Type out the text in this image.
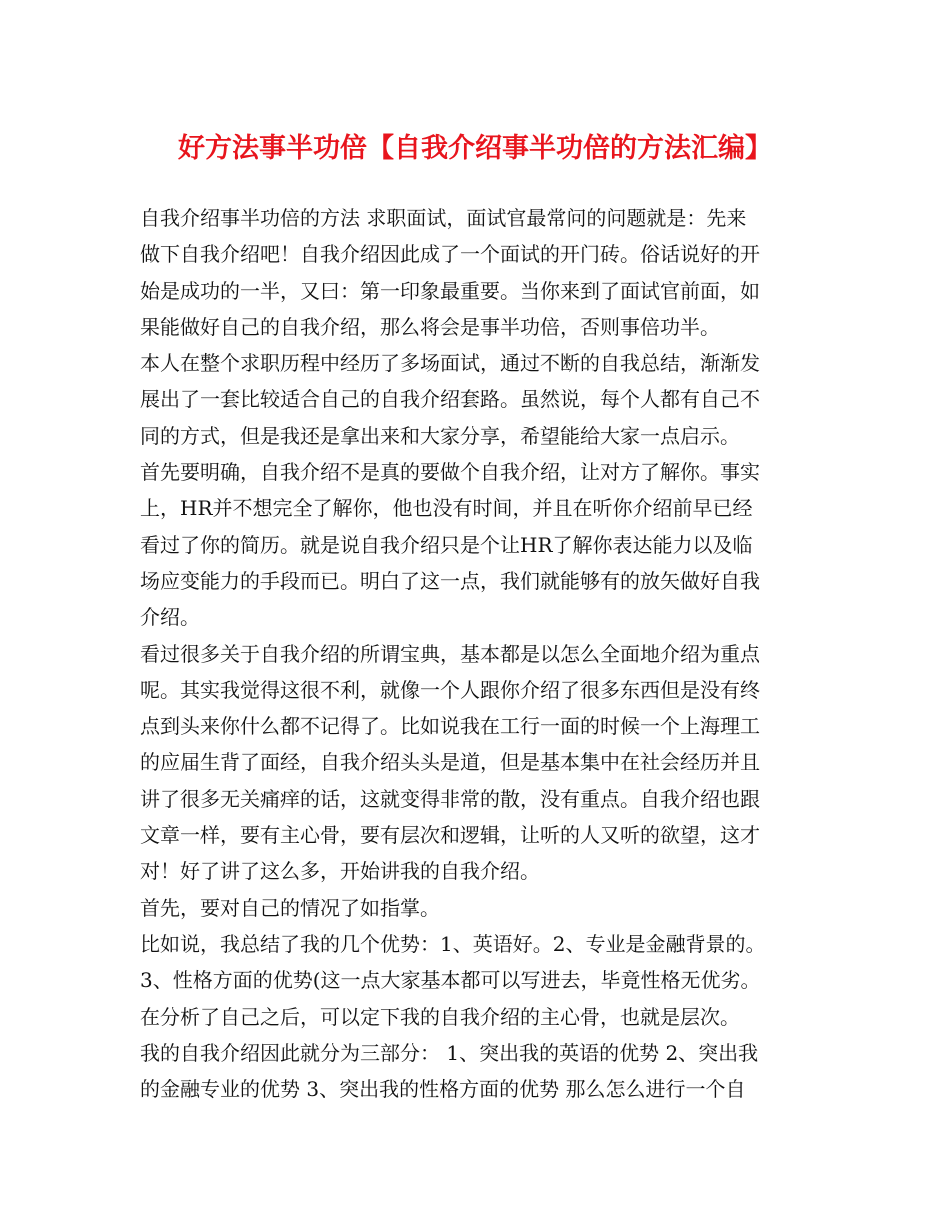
好方法事半功倍【自我介绍事半功倍的方法汇编】
自我介绍事半功倍的方法 求职面试，面试官最常问的问题就是：先来
做下自我介绍吧！自我介绍因此成了一个面试的开门砖。俗话说好的开
始是成功的一半，又曰：第一印象最重要。当你来到了面试官前面，如
果能做好自己的自我介绍，那么将会是事半功倍，否则事倍功半。
本人在整个求职历程中经历了多场面试，通过不断的自我总结，渐渐发
展出了一套比较适合自己的自我介绍套路。虽然说，每个人都有自己不
同的方式，但是我还是拿出来和大家分享，希望能给大家一点启示。
首先要明确，自我介绍不是真的要做个自我介绍，让对方了解你。事实
上，HR并不想完全了解你，他也没有时间，并且在听你介绍前早已经
看过了你的简历。就是说自我介绍只是个让HR了解你表达能力以及临
场应变能力的手段而已。明白了这一点，我们就能够有的放矢做好自我
介绍。
看过很多关于自我介绍的所谓宝典，基本都是以怎么全面地介绍为重点
呢。其实我觉得这很不利，就像一个人跟你介绍了很多东西但是没有终
点到头来你什么都不记得了。比如说我在工行一面的时候一个上海理工
的应届生背了面经，自我介绍头头是道，但是基本集中在社会经历并且
讲了很多无关痛痒的话，这就变得非常的散，没有重点。自我介绍也跟
文章一样，要有主心骨，要有层次和逻辑，让听的人又听的欲望，这才
对！好了讲了这么多，开始讲我的自我介绍。
首先，要对自己的情况了如指掌。
比如说，我总结了我的几个优势：1、英语好。2、专业是金融背景的。
3、性格方面的优势(这一点大家基本都可以写进去，毕竟性格无优劣。
在分析了自己之后，可以定下我的自我介绍的主心骨，也就是层次。
我的自我介绍因此就分为三部分： 1、突出我的英语的优势 2、突出我
的金融专业的优势 3、突出我的性格方面的优势 那么怎么进行一个自
